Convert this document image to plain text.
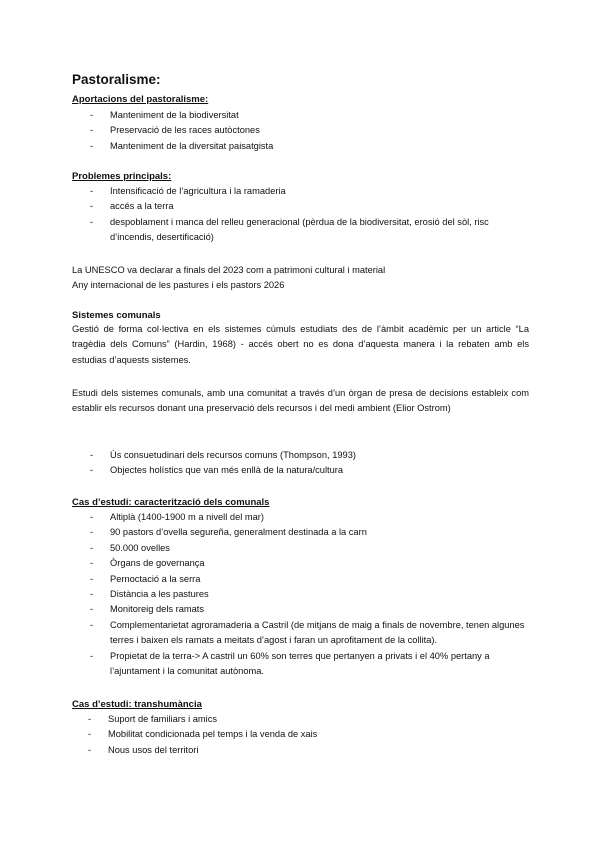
Pastoralisme:
Aportacions del pastoralisme:
- Manteniment de la biodiversitat
- Preservació de les races autòctones
- Manteniment de la diversitat paisatgista
Problemes principals:
- Intensificació de l’agricultura i la ramaderia
- accés a la terra
- despoblament i manca del relleu generacional (pèrdua de la biodiversitat, erosió del sòl, risc d’incendis, desertificació)
La UNESCO va declarar a finals del 2023 com a patrimoni cultural i material
Any internacional de les pastures i els pastors 2026
Sistemes comunals

Gestió de forma col·lectiva en els sistemes cúmuls estudiats des de l’àmbit acadèmic per un article “La tragèdia dels Comuns” (Hardin, 1968) - accés obert no es dona d’aquesta manera i la rebaten amb els estudias d’aquests sistemes.

Estudi dels sistemes comunals, amb una comunitat a través d’un òrgan de presa de decisions estableix com establir els recursos donant una preservació dels recursos i del medi ambient (Elior Ostrom)

- Ús consuetudinari dels recursos comuns (Thompson, 1993)
- Objectes holístics que van més enllà de la natura/cultura
Cas d’estudi: caracterització dels comunals
- Altiplà (1400-1900 m a nivell del mar)
- 90 pastors d’ovella segureña, generalment destinada a la carn
- 50.000 ovelles
- Òrgans de governança
- Pernoctació a la serra
- Distància a les pastures
- Monitoreig dels ramats
- Complementarietat agroramaderia a Castril (de mitjans de maig a finals de novembre, tenen algunes terres i baixen els ramats a meitats d’agost i faran un aprofitament de la collita).
- Propietat de la terra-> A castril un 60% son terres que pertanyen a privats i el 40% pertany a l’ajuntament i la comunitat autònoma.
Cas d’estudi: transhumància
- Suport de familiars i amics
- Mobilitat condicionada pel temps i la venda de xais
- Nous usos del territori
